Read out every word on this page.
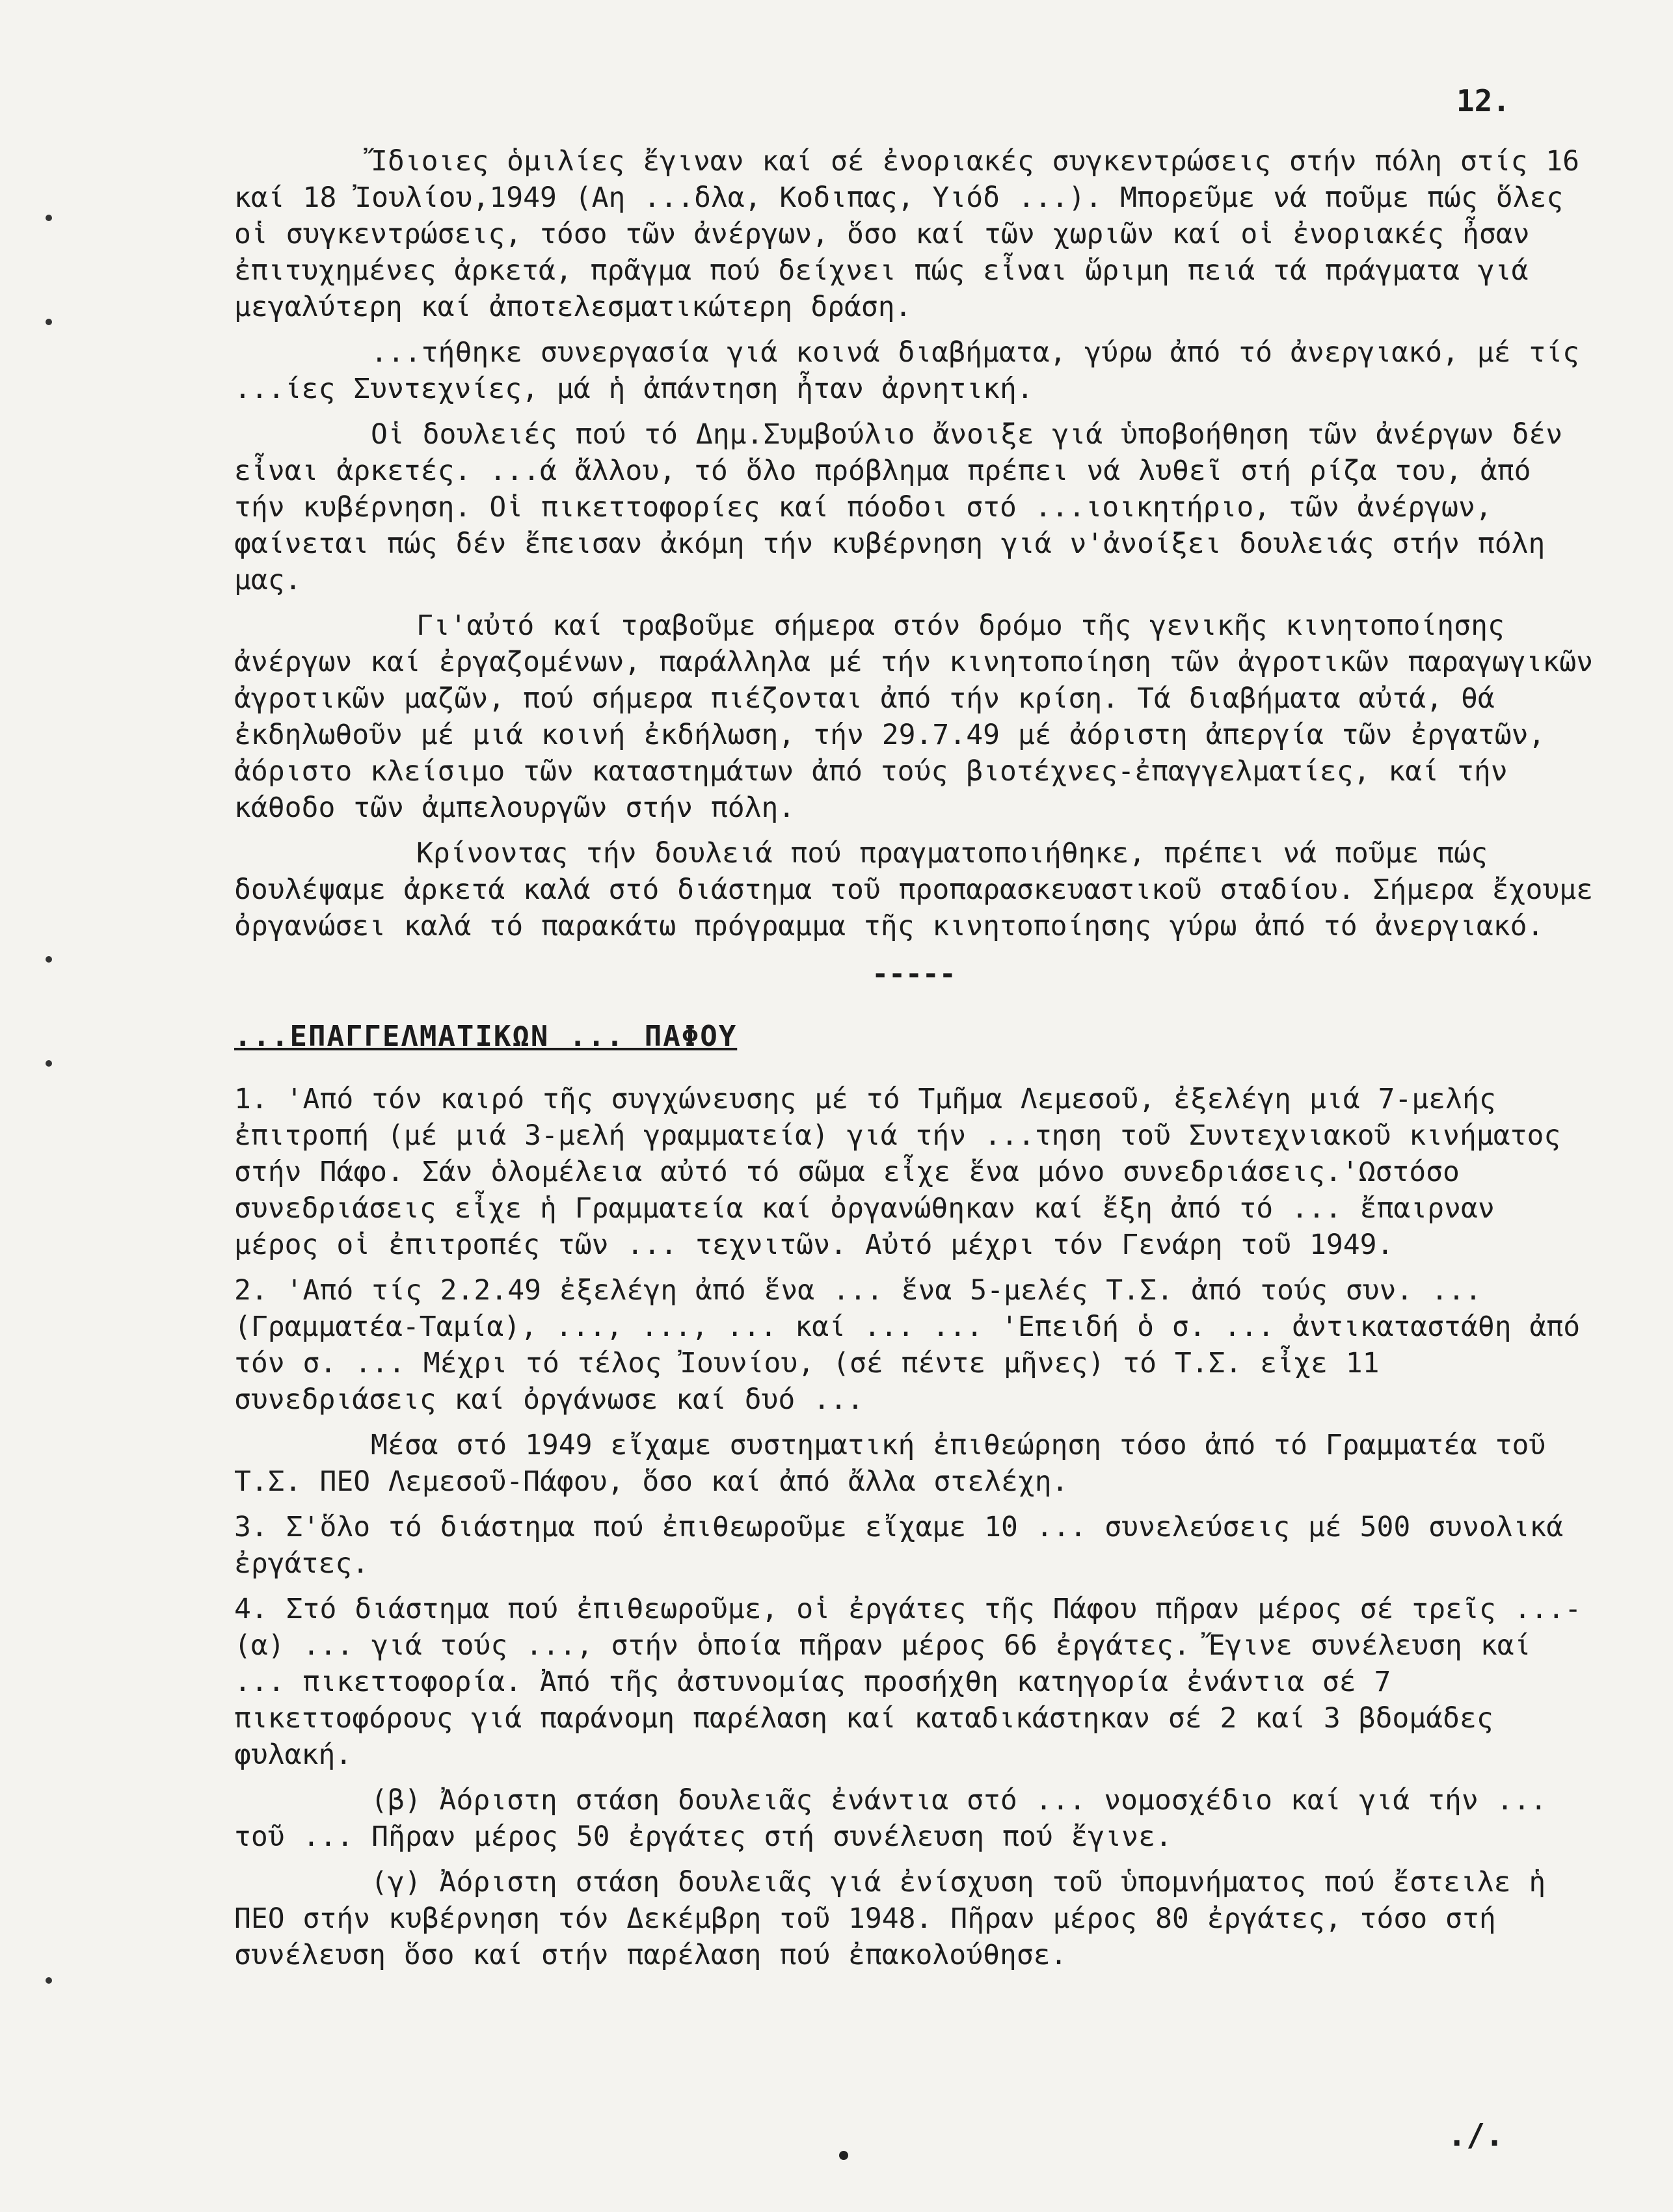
12.

Ἴδιοιες ὁμιλίες ἔγιναν καί σέ ἐνοριακές συγκεντρώσεις στήν πόλη στίς 16 καί 18 Ἰουλίου,1949 (Αη ...δλα, Κοδιπας, Υιόδ ...). Μπορεῦμε νά ποῦμε πώς ὅλες οἱ συγκεντρώσεις, τόσο τῶν ἀνέργων, ὅσο καί τῶν χωριῶν καί οἱ ἐνοριακές ἦσαν ἐπιτυχημένες ἀρκετά, πρᾶγμα πού δείχνει πώς εἶναι ὥριμη πειά τά πράγματα γιά μεγαλύτερη καί ἀποτελεσματικώτερη δράση.

...τήθηκε συνεργασία γιά κοινά διαβήματα, γύρω ἀπό τό ἀνεργιακό, μέ τίς ...ίες Συντεχνίες, μά ἡ ἀπάντηση ἦταν ἀρνητική.

Οἱ δουλειές πού τό Δημ.Συμβούλιο ἄνοιξε γιά ὑποβοήθηση τῶν ἀνέργων δέν εἶναι ἀρκετές. ...ά ἄλλου, τό ὅλο πρόβλημα πρέπει νά λυθεῖ στή ρίζα του, ἀπό τήν κυβέρνηση. Οἱ πικεττοφορίες καί πόοδοι στό ...ιοικητήριο, τῶν ἀνέργων, φαίνεται πώς δέν ἔπεισαν ἀκόμη τήν κυβέρνηση γιά ν'ἀνοίξει δουλειάς στήν πόλη μας.

Γι'αὐτό καί τραβοῦμε σήμερα στόν δρόμο τῆς γενικῆς κινητοποίησης ἀνέργων καί ἐργαζομένων, παράλληλα μέ τήν κινητοποίηση τῶν ἀγροτικῶν παραγωγικῶν ἀγροτικῶν μαζῶν, πού σήμερα πιέζονται ἀπό τήν κρίση. Τά διαβήματα αὐτά, θά ἐκδηλωθοῦν μέ μιά κοινή ἐκδήλωση, τήν 29.7.49 μέ ἀόριστη ἀπεργία τῶν ἐργατῶν, ἀόριστο κλείσιμο τῶν καταστημάτων ἀπό τούς βιοτέχνες-ἐπαγγελματίες, καί τήν κάθοδο τῶν ἀμπελουργῶν στήν πόλη.

Κρίνοντας τήν δουλειά πού πραγματοποιήθηκε, πρέπει νά ποῦμε πώς δουλέψαμε ἀρκετά καλά στό διάστημα τοῦ προπαρασκευαστικοῦ σταδίου. Σήμερα ἔχουμε ὀργανώσει καλά τό παρακάτω πρόγραμμα τῆς κινητοποίησης γύρω ἀπό τό ἀνεργιακό.

-----

...ΕΠΑΓΓΕΛΜΑΤΙΚΩΝ ... ΠΑΦΟΥ

1. 'Από τόν καιρό τῆς συγχώνευσης μέ τό Τμῆμα Λεμεσοῦ, ἐξελέγη μιά 7-μελής ἐπιτροπή (μέ μιά 3-μελή γραμματεία) γιά τήν ...τηση τοῦ Συντεχνιακοῦ κινήματος στήν Πάφο. Σάν ὁλομέλεια αὐτό τό σῶμα εἶχε ἕνα μόνο συνεδριάσεις.'Ωστόσο συνεδριάσεις εἶχε ἡ Γραμματεία καί ὀργανώθηκαν καί ἔξη ἀπό τό ... ἔπαιρναν μέρος οἱ ἐπιτροπές τῶν ... τεχνιτῶν. Αὐτό μέχρι τόν Γενάρη τοῦ 1949.

2. 'Από τίς 2.2.49 ἐξελέγη ἀπό ἕνα ... ἕνα 5-μελές Τ.Σ. ἀπό τούς συν. ... (Γραμματέα-Ταμία), ..., ..., ... καί ... ... 'Επειδή ὁ σ. ... ἀντικαταστάθη ἀπό τόν σ. ... Μέχρι τό τέλος Ἰουνίου, (σέ πέντε μῆνες) τό Τ.Σ. εἶχε 11 συνεδριάσεις καί ὀργάνωσε καί δυό ...

Μέσα στό 1949 εἴχαμε συστηματική ἐπιθεώρηση τόσο ἀπό τό Γραμματέα τοῦ Τ.Σ. ΠΕΟ Λεμεσοῦ-Πάφου, ὅσο καί ἀπό ἄλλα στελέχη.

3. Σ'ὅλο τό διάστημα πού ἐπιθεωροῦμε εἴχαμε 10 ... συνελεύσεις μέ 500 συνολικά ἐργάτες.

4. Στό διάστημα πού ἐπιθεωροῦμε, οἱ ἐργάτες τῆς Πάφου πῆραν μέρος σέ τρεῖς ...-(α) ... γιά τούς ..., στήν ὁποία πῆραν μέρος 66 ἐργάτες. Ἔγινε συνέλευση καί ... πικεττοφορία. Ἀπό τῆς ἀστυνομίας προσήχθη κατηγορία ἐνάντια σέ 7 πικεττοφόρους γιά παράνομη παρέλαση καί καταδικάστηκαν σέ 2 καί 3 βδομάδες φυλακή.

(β) Ἀόριστη στάση δουλειᾶς ἐνάντια στό ... νομοσχέδιο καί γιά τήν ... τοῦ ... Πῆραν μέρος 50 ἐργάτες στή συνέλευση πού ἔγινε.

(γ) Ἀόριστη στάση δουλειᾶς γιά ἐνίσχυση τοῦ ὑπομνήματος πού ἔστειλε ἡ ΠΕΟ στήν κυβέρνηση τόν Δεκέμβρη τοῦ 1948. Πῆραν μέρος 80 ἐργάτες, τόσο στή συνέλευση ὅσο καί στήν παρέλαση πού ἐπακολούθησε.

./.
